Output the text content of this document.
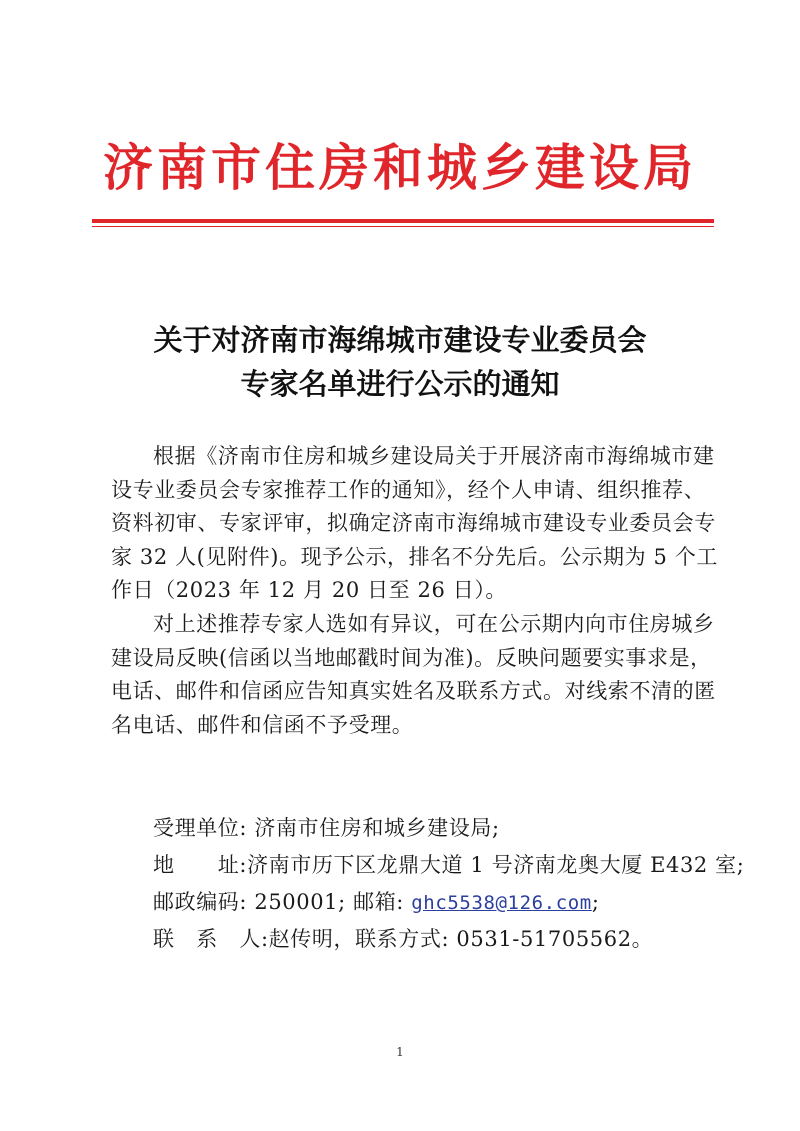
济南市住房和城乡建设局
关于对济南市海绵城市建设专业委员会
专家名单进行公示的通知
根据《济南市住房和城乡建设局关于开展济南市海绵城市建
设专业委员会专家推荐工作的通知》，经个人申请、组织推荐、
资料初审、专家评审，拟确定济南市海绵城市建设专业委员会专
家 32 人(见附件)。现予公示，排名不分先后。公示期为 5 个工
作日（2023 年 12 月 20 日至 26 日）。
对上述推荐专家人选如有异议，可在公示期内向市住房城乡
建设局反映(信函以当地邮戳时间为准)。反映问题要实事求是，
电话、邮件和信函应告知真实姓名及联系方式。对线索不清的匿
名电话、邮件和信函不予受理。
受理单位: 济南市住房和城乡建设局;
地　　址:济南市历下区龙鼎大道 1 号济南龙奥大厦 E432 室;
邮政编码: 250001; 邮箱: ghc5538@126.com;
联　系　人:赵传明，联系方式: 0531-51705562。
1
